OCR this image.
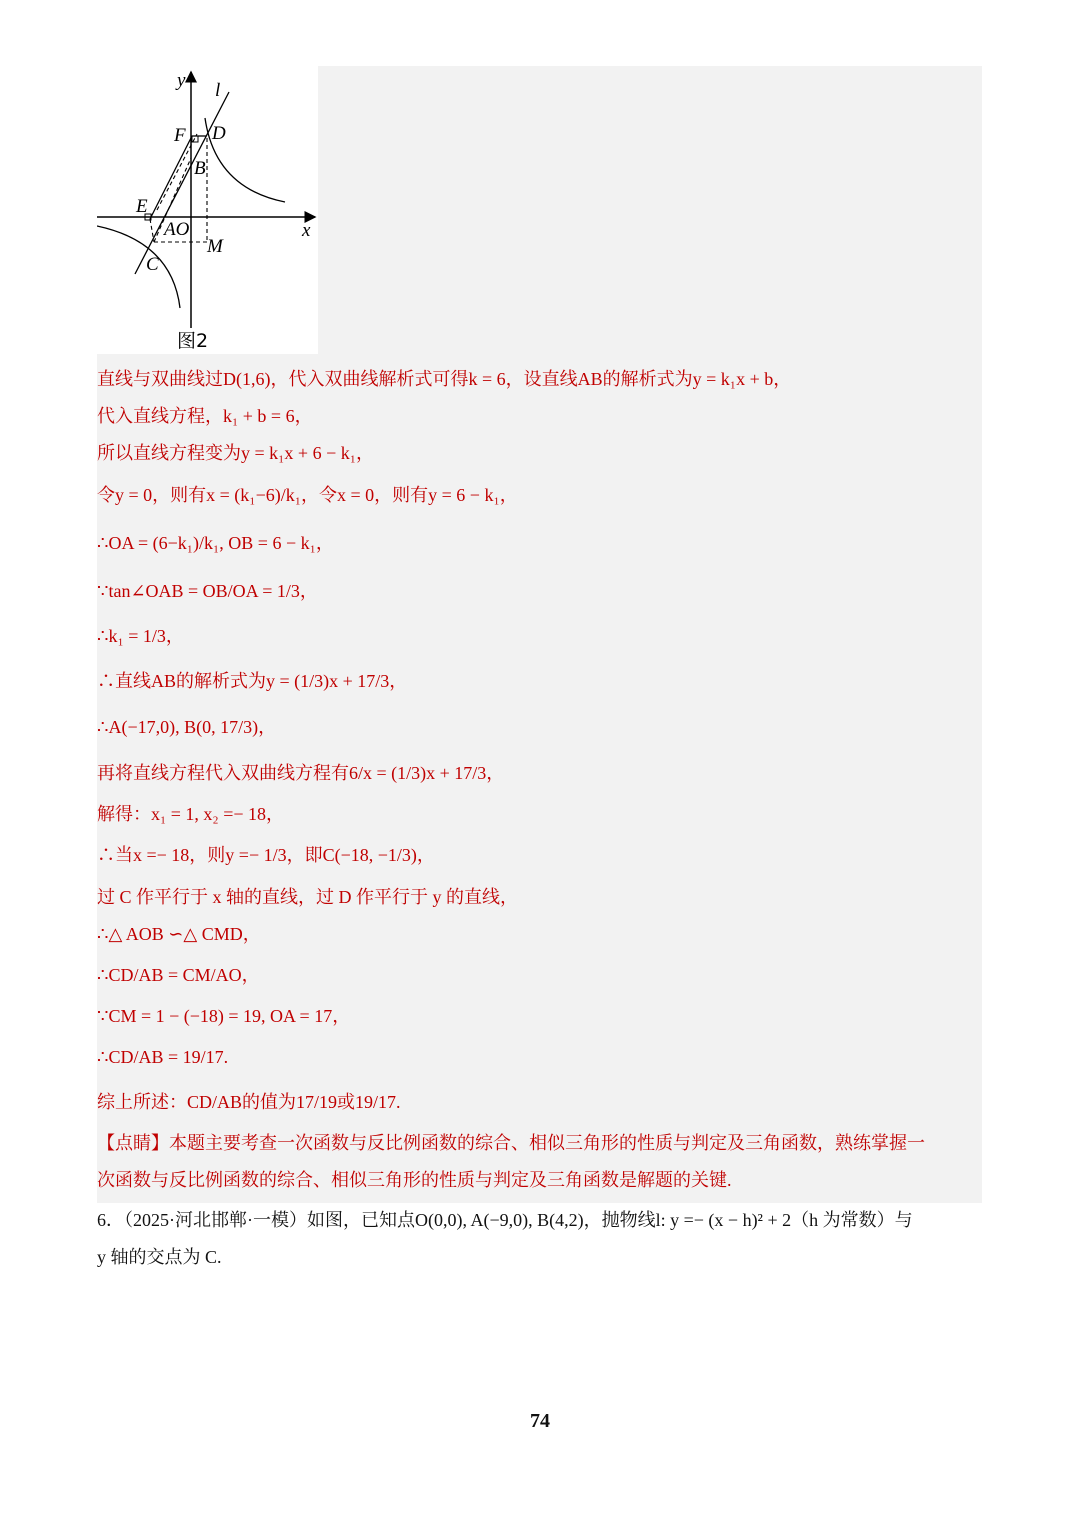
y l
F D
B
E
AO	x
M
C
图2
直线与双曲线过D(1,6)，代入双曲线解析式可得k = 6，设直线AB的解析式为y = k₁x + b，
代入直线方程，k₁ + b = 6，
所以直线方程变为y = k₁x + 6 − k₁，
令y = 0，则有x = (k₁−6)/k₁，令x = 0，则有y = 6 − k₁，
∴OA = (6−k₁)/k₁, OB = 6 − k₁，
∵tan∠OAB = OB/OA = 1/3，
∴k₁ = 1/3，
∴直线AB的解析式为y = (1/3)x + 17/3，
∴A(−17,0), B(0, 17/3)，
再将直线方程代入双曲线方程有6/x = (1/3)x + 17/3，
解得：x₁ = 1, x₂ =− 18，
∴当x =− 18，则y =− 1/3，即C(−18, −1/3)，
过 C 作平行于 x 轴的直线，过 D 作平行于 y 的直线，
∴△ AOB ∽△ CMD，
∴CD/AB = CM/AO，
∵CM = 1 − (−18) = 19, OA = 17，
∴CD/AB = 19/17.
综上所述：CD/AB的值为17/19或19/17.
【点睛】本题主要考查一次函数与反比例函数的综合、相似三角形的性质与判定及三角函数，熟练掌握一
次函数与反比例函数的综合、相似三角形的性质与判定及三角函数是解题的关键.
6．（2025·河北邯郸·一模）如图，已知点O(0,0), A(−9,0), B(4,2)，抛物线l: y =− (x − h)² + 2（h 为常数）与
y 轴的交点为 C.
74
